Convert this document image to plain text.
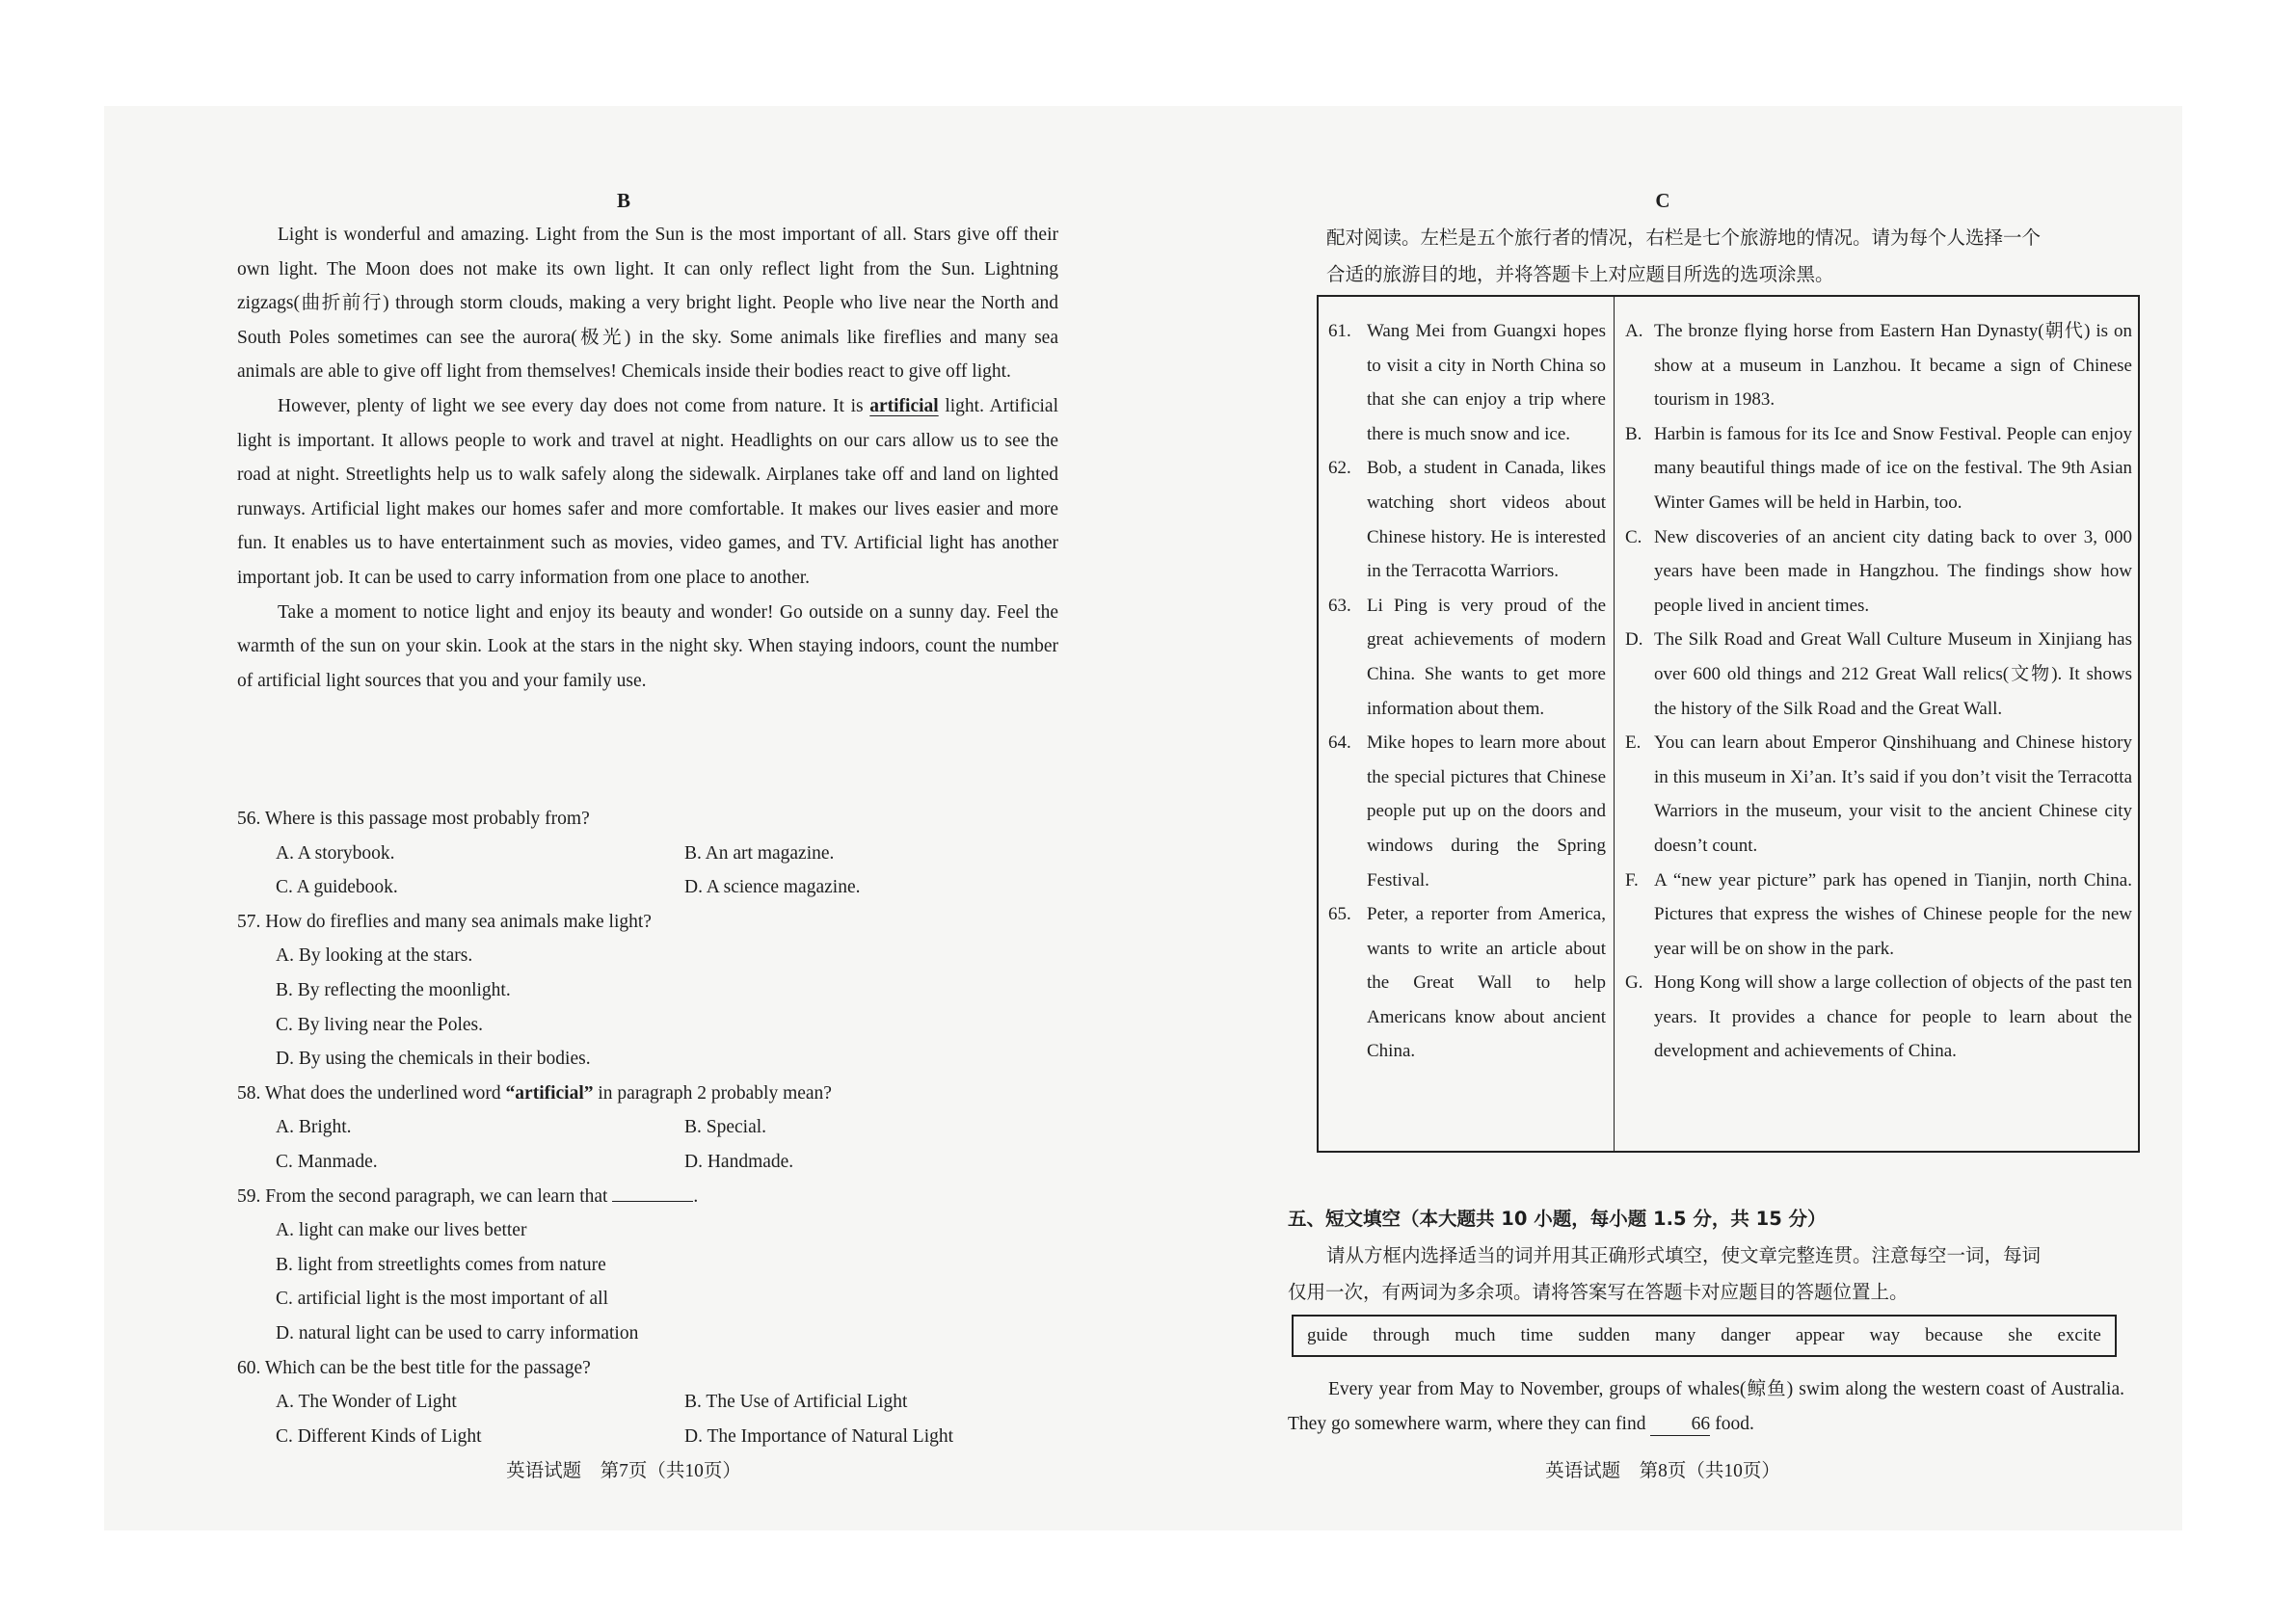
B

Light is wonderful and amazing. Light from the Sun is the most important of all. Stars give off their own light. The Moon does not make its own light. It can only reflect light from the Sun. Lightning zigzags(曲折前行) through storm clouds, making a very bright light. People who live near the North and South Poles sometimes can see the aurora(极光) in the sky. Some animals like fireflies and many sea animals are able to give off light from themselves! Chemicals inside their bodies react to give off light.

However, plenty of light we see every day does not come from nature. It is artificial light. Artificial light is important. It allows people to work and travel at night. Headlights on our cars allow us to see the road at night. Streetlights help us to walk safely along the sidewalk. Airplanes take off and land on lighted runways. Artificial light makes our homes safer and more comfortable. It makes our lives easier and more fun. It enables us to have entertainment such as movies, video games, and TV. Artificial light has another important job. It can be used to carry information from one place to another.

Take a moment to notice light and enjoy its beauty and wonder! Go outside on a sunny day. Feel the warmth of the sun on your skin. Look at the stars in the night sky. When staying indoors, count the number of artificial light sources that you and your family use.

56. Where is this passage most probably from?
A. A storybook.	B. An art magazine.
C. A guidebook.	D. A science magazine.
57. How do fireflies and many sea animals make light?
A. By looking at the stars.
B. By reflecting the moonlight.
C. By living near the Poles.
D. By using the chemicals in their bodies.
58. What does the underlined word “artificial” in paragraph 2 probably mean?
A. Bright.	B. Special.
C. Manmade.	D. Handmade.
59. From the second paragraph, we can learn that	.
A. light can make our lives better
B. light from streetlights comes from nature
C. artificial light is the most important of all
D. natural light can be used to carry information
60. Which can be the best title for the passage?
A. The Wonder of Light	B. The Use of Artificial Light
C. Different Kinds of Light	D. The Importance of Natural Light
英语试题　第7页（共10页）
C
配对阅读。左栏是五个旅行者的情况，右栏是七个旅游地的情况。请为每个人选择一个
合适的旅游目的地，并将答题卡上对应题目所选的选项涂黑。
61. Wang Mei from Guangxi hopes to visit a city in North China so that she can enjoy a trip where there is much snow and ice.
62. Bob, a student in Canada, likes watching short videos about Chinese history. He is interested in the Terracotta Warriors.
63. Li Ping is very proud of the great achievements of modern China. She wants to get more information about them.
64. Mike hopes to learn more about the special pictures that Chinese people put up on the doors and windows during the Spring Festival.
65. Peter, a reporter from America, wants to write an article about the Great Wall to help Americans know about ancient China.
A. The bronze flying horse from Eastern Han Dynasty(朝代) is on show at a museum in Lanzhou. It became a sign of Chinese tourism in 1983.
B. Harbin is famous for its Ice and Snow Festival. People can enjoy many beautiful things made of ice on the festival. The 9th Asian Winter Games will be held in Harbin, too.
C. New discoveries of an ancient city dating back to over 3, 000 years have been made in Hangzhou. The findings show how people lived in ancient times.
D. The Silk Road and Great Wall Culture Museum in Xinjiang has over 600 old things and 212 Great Wall relics(文物). It shows the history of the Silk Road and the Great Wall.
E. You can learn about Emperor Qinshihuang and Chinese history in this museum in Xi’an. It’s said if you don’t visit the Terracotta Warriors in the museum, your visit to the ancient Chinese city doesn’t count.
F. A “new year picture” park has opened in Tianjin, north China. Pictures that express the wishes of Chinese people for the new year will be on show in the park.
G. Hong Kong will show a large collection of objects of the past ten years. It provides a chance for people to learn about the development and achievements of China.
五、短文填空（本大题共 10 小题，每小题 1.5 分，共 15 分）
请从方框内选择适当的词并用其正确形式填空，使文章完整连贯。注意每空一词，每词
仅用一次，有两词为多余项。请将答案写在答题卡对应题目的答题位置上。
guide through much time sudden many danger appear way because she excite

Every year from May to November, groups of whales(鲸鱼) swim along the western coast of Australia. They go somewhere warm, where they can find 66 food.

英语试题　第8页（共10页）
